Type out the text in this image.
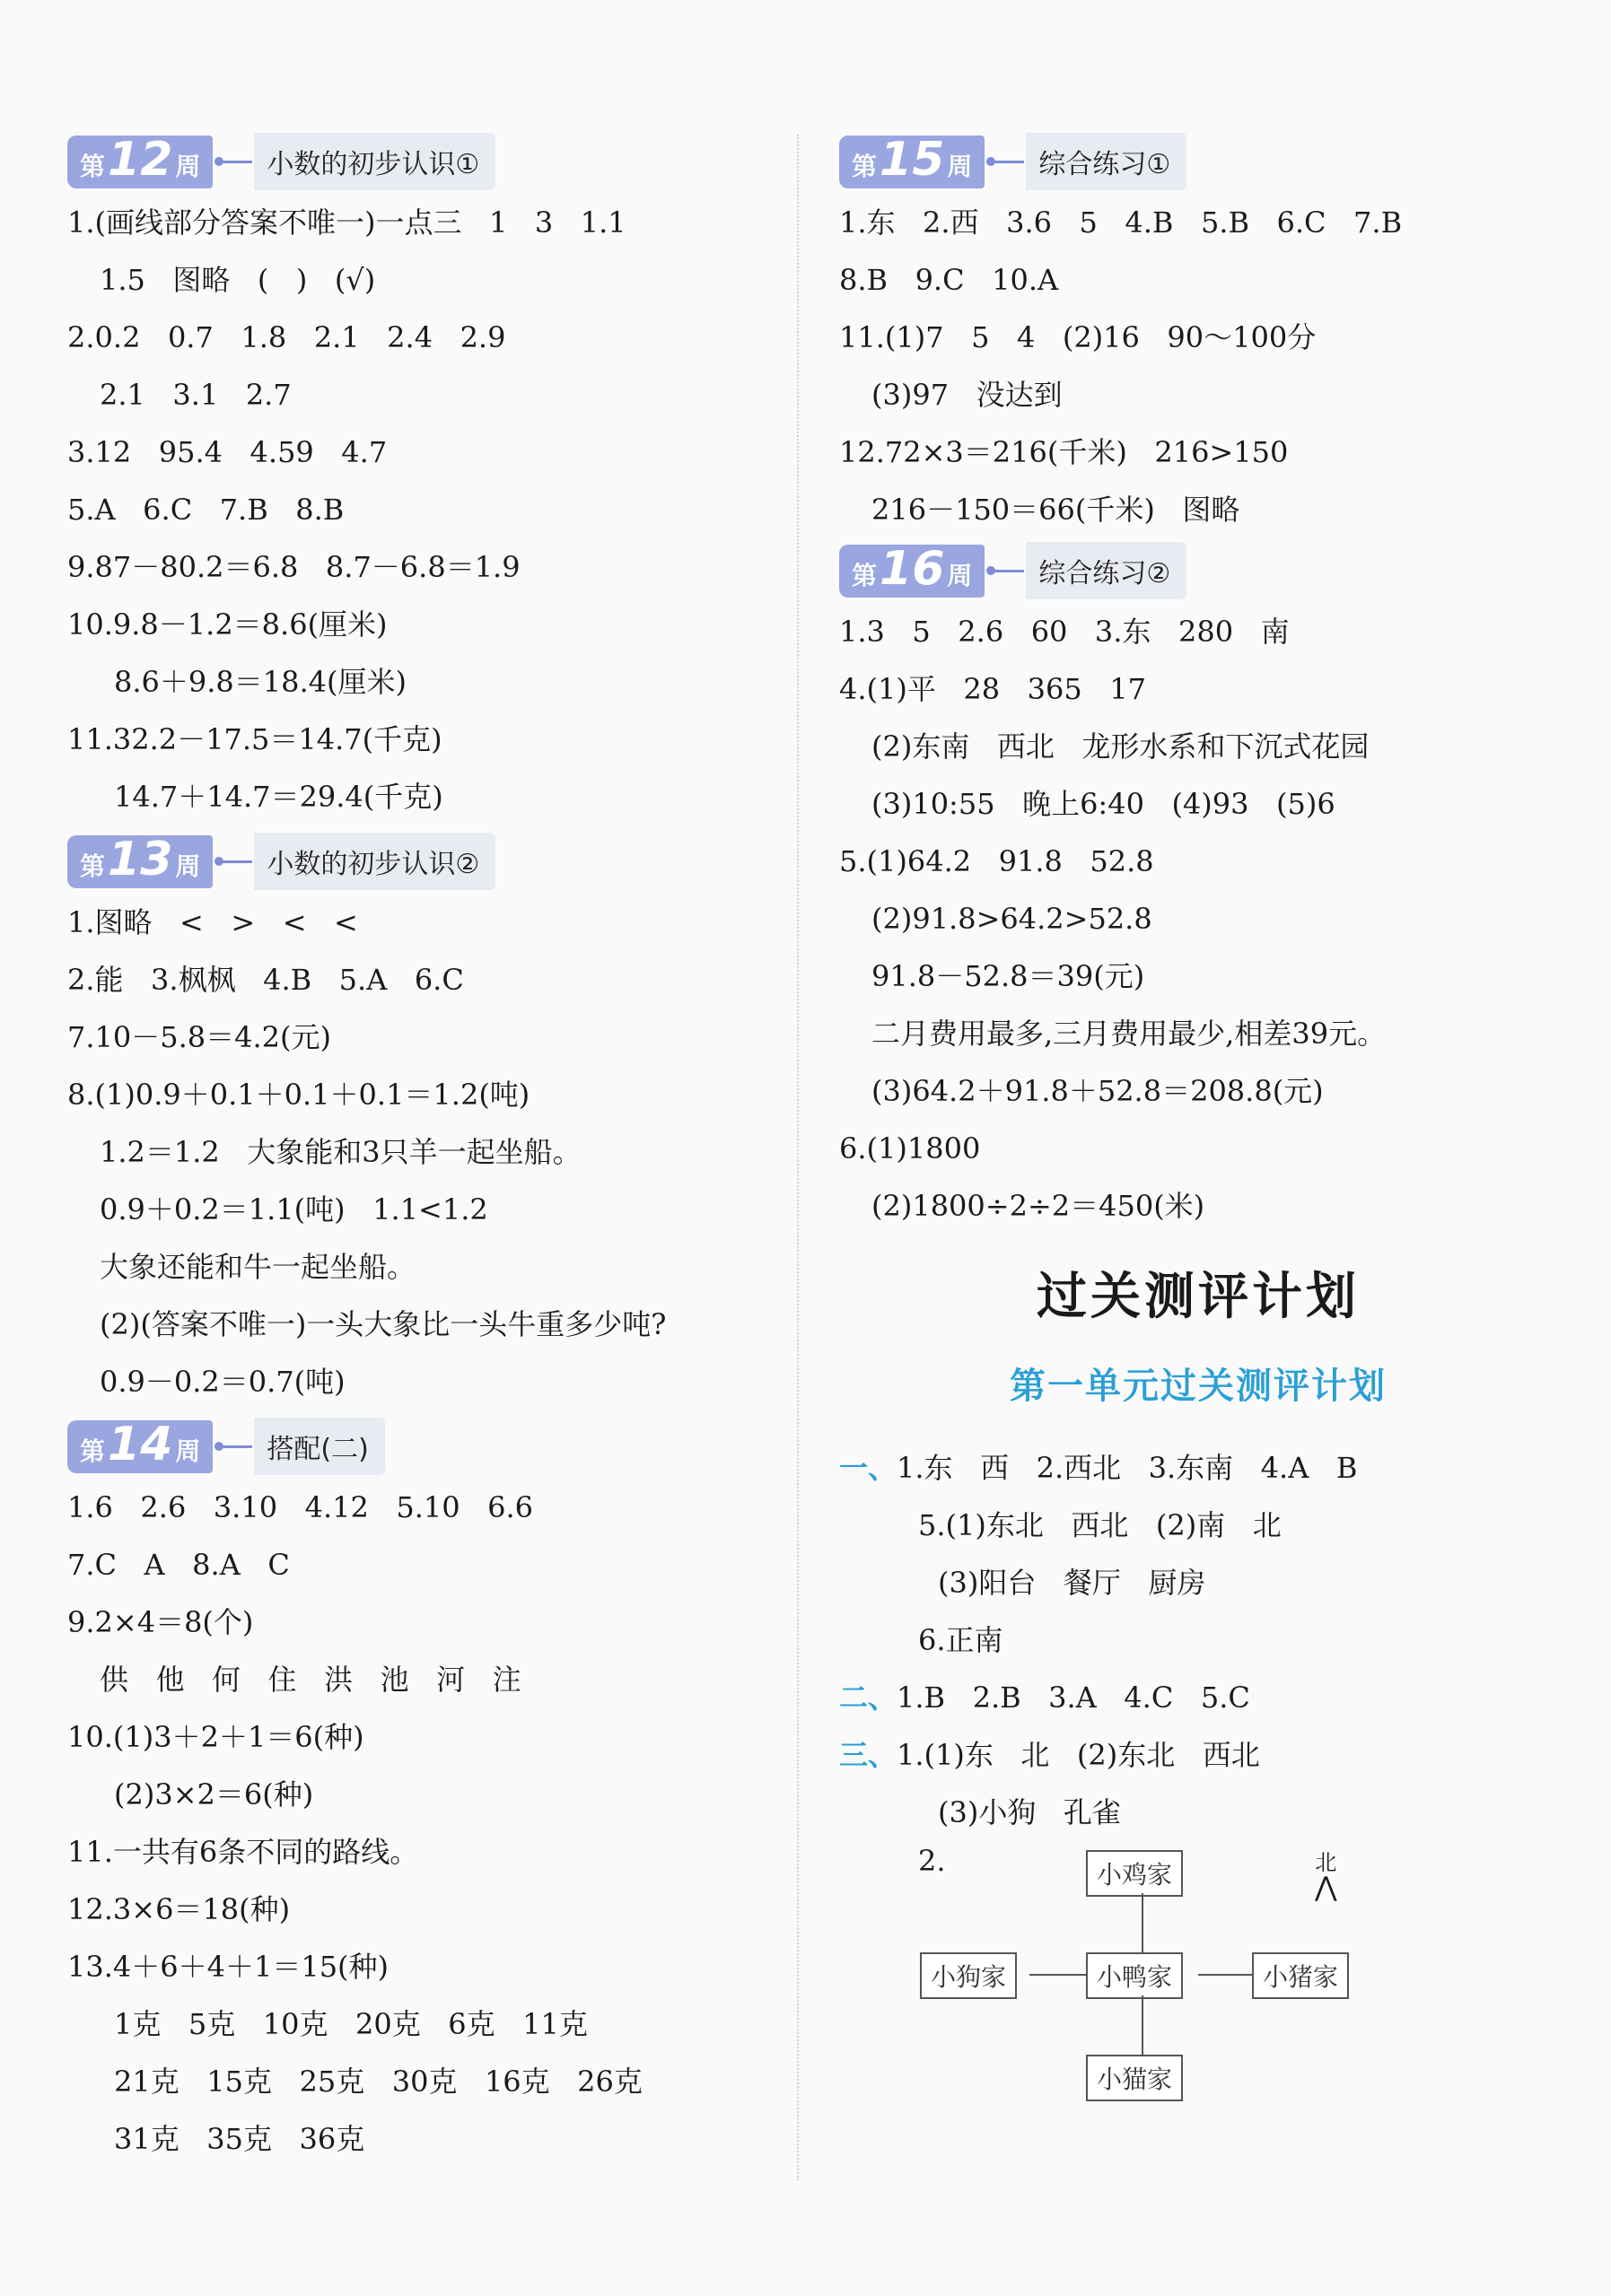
第 12 周	小数的初步认识①
1.(画线部分答案不唯一)一点三   1   3   1.1
1.5   图略   (   )   (√)
2.0.2   0.7   1.8   2.1   2.4   2.9
2.1   3.1   2.7
3.12   95.4   4.59   4.7
5.A   6.C   7.B   8.B
9.87－80.2＝6.8   8.7－6.8＝1.9
10.9.8－1.2＝8.6(厘米)
8.6＋9.8＝18.4(厘米)
11.32.2－17.5＝14.7(千克)
14.7＋14.7＝29.4(千克)
第 13 周	小数的初步认识②
1.图略   <   >   <   <
2.能   3.枫枫   4.B   5.A   6.C
7.10－5.8＝4.2(元)
8.(1)0.9＋0.1＋0.1＋0.1＝1.2(吨)
1.2＝1.2   大象能和3只羊一起坐船。
0.9＋0.2＝1.1(吨)   1.1<1.2
大象还能和牛一起坐船。
(2)(答案不唯一)一头大象比一头牛重多少吨?
0.9－0.2＝0.7(吨)
第 14 周	搭配(二)
1.6   2.6   3.10   4.12   5.10   6.6
7.C   A   8.A   C
9.2×4＝8(个)
供   他   何   住   洪   池   河   注
10.(1)3＋2＋1＝6(种)
(2)3×2＝6(种)
11.一共有6条不同的路线。
12.3×6＝18(种)
13.4＋6＋4＋1＝15(种)
1克   5克   10克   20克   6克   11克
21克   15克   25克   30克   16克   26克
31克   35克   36克
第 15 周	综合练习①
1.东   2.西   3.6   5   4.B   5.B   6.C   7.B
8.B   9.C   10.A
11.(1)7   5   4   (2)16   90～100分
(3)97   没达到
12.72×3＝216(千米)   216>150
216－150＝66(千米)   图略
第 16 周	综合练习②
1.3   5   2.6   60   3.东   280   南
4.(1)平   28   365   17
(2)东南   西北   龙形水系和下沉式花园
(3)10:55   晚上6:40   (4)93   (5)6
5.(1)64.2   91.8   52.8
(2)91.8>64.2>52.8
91.8－52.8＝39(元)
二月费用最多,三月费用最少,相差39元。
(3)64.2＋91.8＋52.8＝208.8(元)
6.(1)1800
(2)1800÷2÷2＝450(米)
过关测评计划
第一单元过关测评计划
一、1.东   西   2.西北   3.东南   4.A   B
5.(1)东北   西北   (2)南   北
(3)阳台   餐厅   厨房
6.正南
二、1.B   2.B   3.A   4.C   5.C
三、1.(1)东   北   (2)东北   西北
(3)小狗   孔雀
2.	小鸡家
小鸭家
小狗家	小猪家
小猫家
北
⋀
